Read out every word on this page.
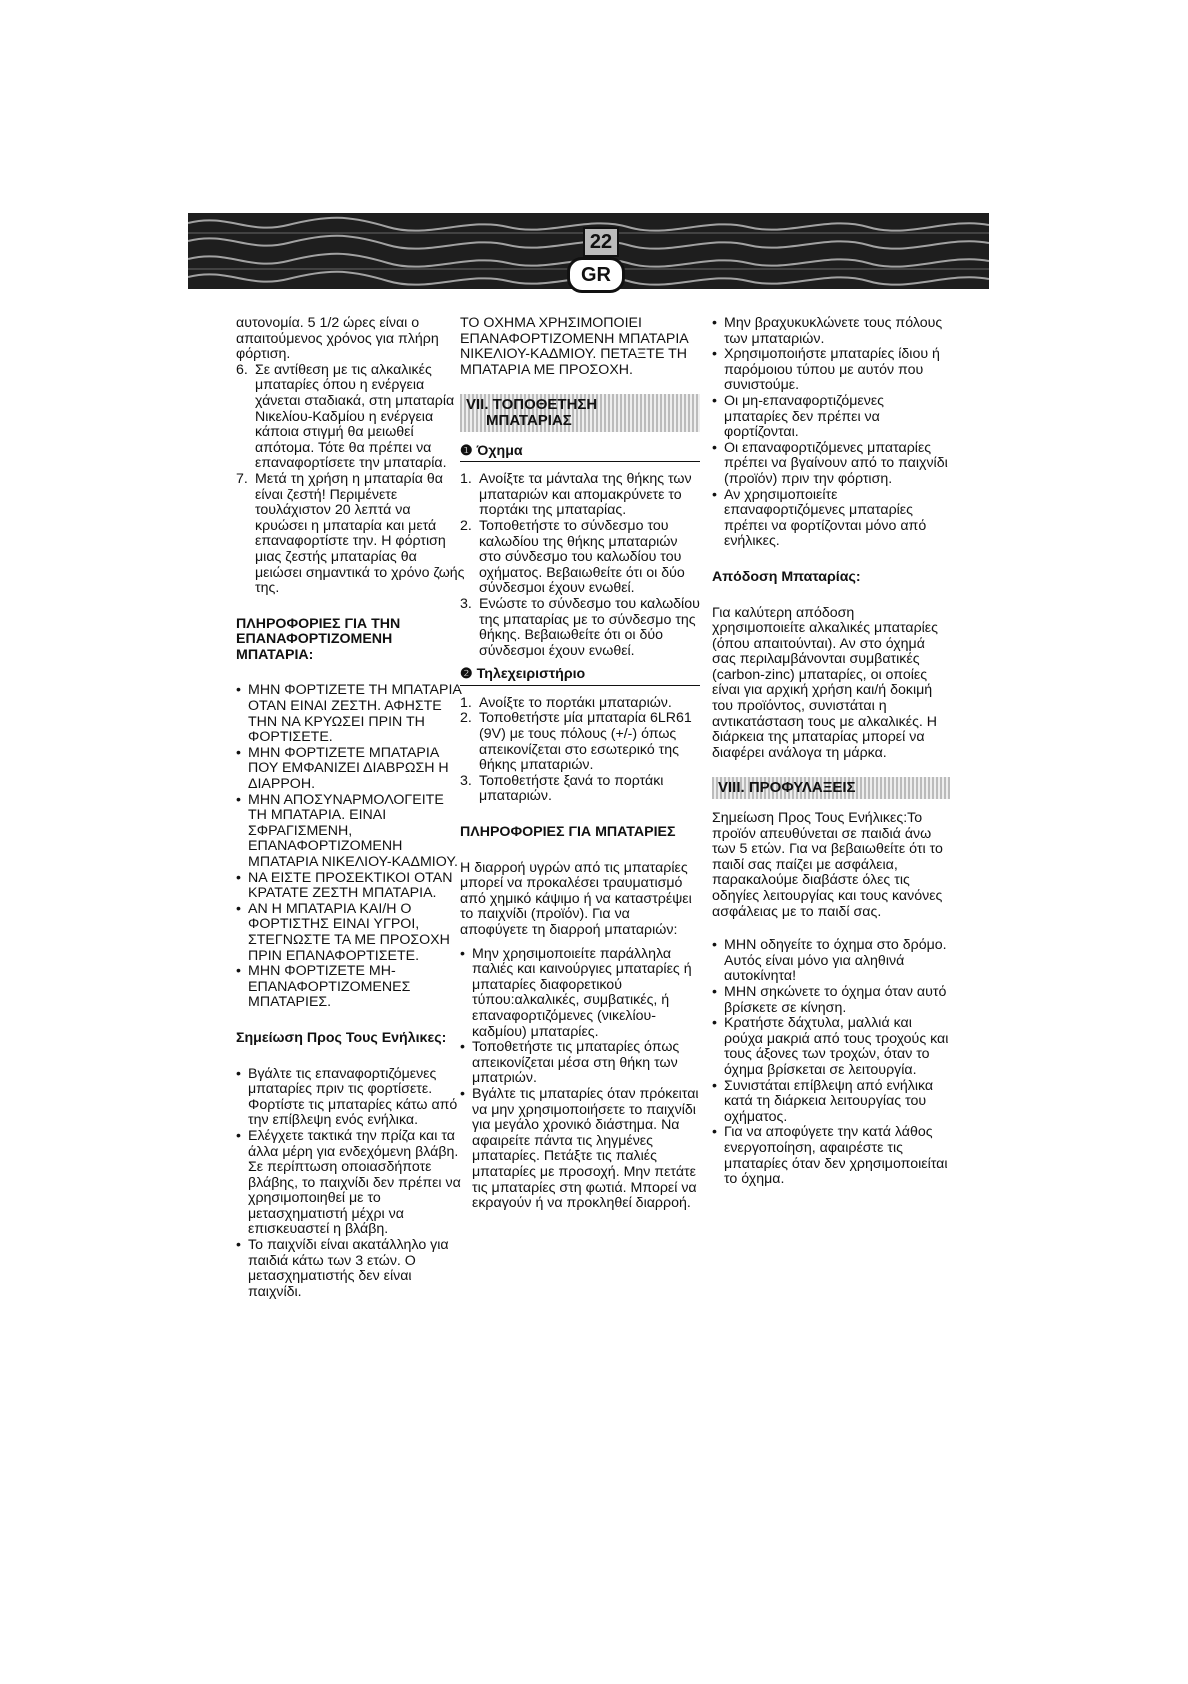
22
GR

αυτονομία. 5 1/2 ώρες είναι ο απαιτούμενος χρόνος για πλήρη φόρτιση.

6. Σε αντίθεση με τις αλκαλικές μπαταρίες όπου η ενέργεια χάνεται σταδιακά, στη μπαταρία Νικελίου-Καδμίου η ενέργεια κάποια στιγμή θα μειωθεί απότομα. Τότε θα πρέπει να επαναφορτίσετε την μπαταρία.
7. Μετά τη χρήση η μπαταρία θα είναι ζεστή! Περιμένετε τουλάχιστον 20 λεπτά να κρυώσει η μπαταρία και μετά επαναφορτίστε την. Η φόρτιση μιας ζεστής μπαταρίας θα μειώσει σημαντικά το χρόνο ζωής της.
ΠΛΗΡΟΦΟΡΙΕΣ ΓΙΑ ΤΗΝ ΕΠΑΝΑΦΟΡΤΙΖΟΜΕΝΗ ΜΠΑΤΑΡΙΑ:
• ΜΗΝ ΦΟΡΤΙΖΕΤΕ ΤΗ ΜΠΑΤΑΡΙΑ ΟΤΑΝ ΕΙΝΑΙ ΖΕΣΤΗ. ΑΦΗΣΤΕ ΤΗΝ ΝΑ ΚΡΥΩΣΕΙ ΠΡΙΝ ΤΗ ΦΟΡΤΙΣΕΤΕ.
• ΜΗΝ ΦΟΡΤΙΖΕΤΕ ΜΠΑΤΑΡΙΑ ΠΟΥ ΕΜΦΑΝΙΖΕΙ ΔΙΑΒΡΩΣΗ Η ΔΙΑΡΡΟΗ.
• ΜΗΝ ΑΠΟΣΥΝΑΡΜΟΛΟΓΕΙΤΕ ΤΗ ΜΠΑΤΑΡΙΑ. ΕΙΝΑΙ ΣΦΡΑΓΙΣΜΕΝΗ, ΕΠΑΝΑΦΟΡΤΙΖΟΜΕΝΗ ΜΠΑΤΑΡΙΑ ΝΙΚΕΛΙΟΥ-ΚΑΔΜΙΟΥ.
• ΝΑ ΕΙΣΤΕ ΠΡΟΣΕΚΤΙΚΟΙ ΟΤΑΝ ΚΡΑΤΑΤΕ ΖΕΣΤΗ ΜΠΑΤΑΡΙΑ.
• ΑΝ Η ΜΠΑΤΑΡΙΑ ΚΑΙ/Η Ο ΦΟΡΤΙΣΤΗΣ ΕΙΝΑΙ ΥΓΡΟΙ, ΣΤΕΓΝΩΣΤΕ ΤΑ ΜΕ ΠΡΟΣΟΧΗ ΠΡΙΝ ΕΠΑΝΑΦΟΡΤΙΣΕΤΕ.
• ΜΗΝ ΦΟΡΤΙΖΕΤΕ ΜΗ-ΕΠΑΝΑΦΟΡΤΙΖΟΜΕΝΕΣ ΜΠΑΤΑΡΙΕΣ.
Σημείωση Προς Τους Ενήλικες:
• Βγάλτε τις επαναφορτιζόμενες μπαταρίες πριν τις φορτίσετε. Φορτίστε τις μπαταρίες κάτω από την επίβλεψη ενός ενήλικα.
• Ελέγχετε τακτικά την πρίζα και τα άλλα μέρη για ενδεχόμενη βλάβη. Σε περίπτωση οποιασδήποτε βλάβης, το παιχνίδι δεν πρέπει να χρησιμοποιηθεί με το μετασχηματιστή μέχρι να επισκευαστεί η βλάβη.
• Το παιχνίδι είναι ακατάλληλο για παιδιά κάτω των 3 ετών. Ο μετασχηματιστής δεν είναι παιχνίδι.

ΤΟ ΟΧΗΜΑ ΧΡΗΣΙΜΟΠΟΙΕΙ ΕΠΑΝΑΦΟΡΤΙΖΟΜΕΝΗ ΜΠΑΤΑΡΙΑ ΝΙΚΕΛΙΟΥ-ΚΑΔΜΙΟΥ. ΠΕΤΑΞΤΕ ΤΗ ΜΠΑΤΑΡΙΑ ΜΕ ΠΡΟΣΟΧΗ.

VII. ΤΟΠΟΘΕΤΗΣΗ
ΜΠΑΤΑΡΙΑΣ
❶ Όχημα
1. Ανοίξτε τα μάνταλα της θήκης των μπαταριών και απομακρύνετε το πορτάκι της μπαταρίας.
2. Τοποθετήστε το σύνδεσμο του καλωδίου της θήκης μπαταριών στο σύνδεσμο του καλωδίου του οχήματος. Βεβαιωθείτε ότι οι δύο σύνδεσμοι έχουν ενωθεί.
3. Ενώστε το σύνδεσμο του καλωδίου της μπαταρίας με το σύνδεσμο της θήκης. Βεβαιωθείτε ότι οι δύο σύνδεσμοι έχουν ενωθεί.
❷ Τηλεχειριστήριο
1. Ανοίξτε το πορτάκι μπαταριών.
2. Τοποθετήστε μία μπαταρία 6LR61 (9V) με τους πόλους (+/-) όπως απεικονίζεται στο εσωτερικό της θήκης μπαταριών.
3. Τοποθετήστε ξανά το πορτάκι μπαταριών.
ΠΛΗΡΟΦΟΡΙΕΣ ΓΙΑ ΜΠΑΤΑΡΙΕΣ

Η διαρροή υγρών από τις μπαταρίες μπορεί να προκαλέσει τραυματισμό από χημικό κάψιμο ή να καταστρέψει το παιχνίδι (προϊόν). Για να αποφύγετε τη διαρροή μπαταριών:

• Μην χρησιμοποιείτε παράλληλα παλιές και καινούργιες μπαταρίες ή μπαταρίες διαφορετικού τύπου:αλκαλικές, συμβατικές, ή επαναφορτιζόμενες (νικελίου-καδμίου) μπαταρίες.
• Τοποθετήστε τις μπαταρίες όπως απεικονίζεται μέσα στη θήκη των μπατριών.
• Βγάλτε τις μπαταρίες όταν πρόκειται να μην χρησιμοποιήσετε το παιχνίδι για μεγάλο χρονικό διάστημα. Να αφαιρείτε πάντα τις ληγμένες μπαταρίες. Πετάξτε τις παλιές μπαταρίες με προσοχή. Μην πετάτε τις μπαταρίες στη φωτιά. Μπορεί να εκραγούν ή να προκληθεί διαρροή.
• Μην βραχυκυκλώνετε τους πόλους των μπαταριών.
• Χρησιμοποιήστε μπαταρίες ίδιου ή παρόμοιου τύπου με αυτόν που συνιστούμε.
• Οι μη-επαναφορτιζόμενες μπαταρίες δεν πρέπει να φορτίζονται.
• Οι επαναφορτιζόμενες μπαταρίες πρέπει να βγαίνουν από το παιχνίδι (προϊόν) πριν την φόρτιση.
• Αν χρησιμοποιείτε επαναφορτιζόμενες μπαταρίες πρέπει να φορτίζονται μόνο από ενήλικες.
Απόδοση Μπαταρίας:

Για καλύτερη απόδοση χρησιμοποιείτε αλκαλικές μπαταρίες (όπου απαιτούνται). Αν στο όχημά σας περιλαμβάνονται συμβατικές (carbon-zinc) μπαταρίες, οι οποίες είναι για αρχική χρήση και/ή δοκιμή του προϊόντος, συνιστάται η αντικατάσταση τους με αλκαλικές. Η διάρκεια της μπαταρίας μπορεί να διαφέρει ανάλογα τη μάρκα.

VIII. ΠΡΟΦΥΛΑΞΕΙΣ

Σημείωση Προς Τους Ενήλικες:Το προϊόν απευθύνεται σε παιδιά άνω των 5 ετών. Για να βεβαιωθείτε ότι το παιδί σας παίζει με ασφάλεια, παρακαλούμε διαβάστε όλες τις οδηγίες λειτουργίας και τους κανόνες ασφάλειας με το παιδί σας.

• ΜΗΝ οδηγείτε το όχημα στο δρόμο. Αυτός είναι μόνο για αληθινά αυτοκίνητα!
• ΜΗΝ σηκώνετε το όχημα όταν αυτό βρίσκετε σε κίνηση.
• Κρατήστε δάχτυλα, μαλλιά και ρούχα μακριά από τους τροχούς και τους άξονες των τροχών, όταν το όχημα βρίσκεται σε λειτουργία.
• Συνιστάται επίβλεψη από ενήλικα κατά τη διάρκεια λειτουργίας του οχήματος.
• Για να αποφύγετε την κατά λάθος ενεργοποίηση, αφαιρέστε τις μπαταρίες όταν δεν χρησιμοποιείται το όχημα.
